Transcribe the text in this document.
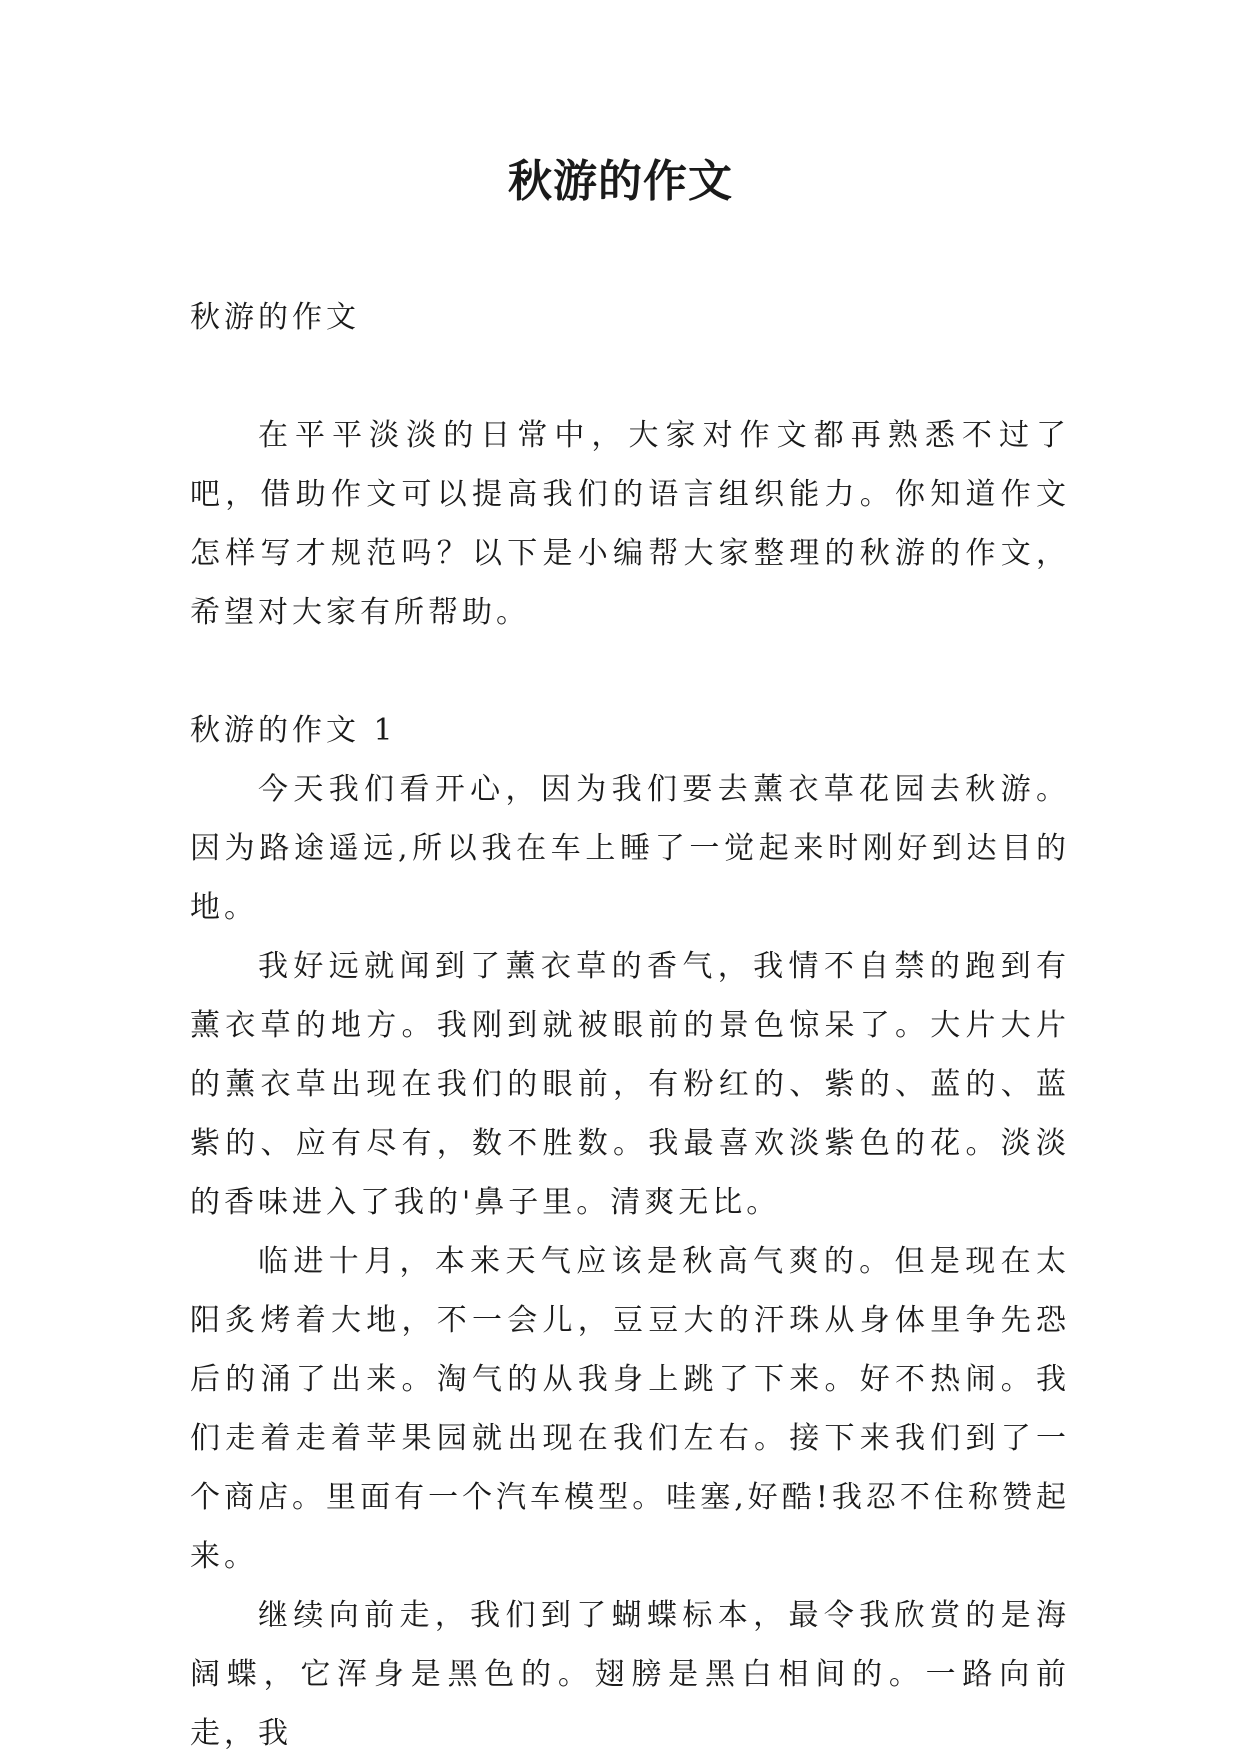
秋游的作文

秋游的作文

在平平淡淡的日常中，大家对作文都再熟悉不过了吧，借助作文可以提高我们的语言组织能力。你知道作文怎样写才规范吗？以下是小编帮大家整理的秋游的作文，希望对大家有所帮助。

秋游的作文 1

今天我们看开心，因为我们要去薰衣草花园去秋游。因为路途遥远,所以我在车上睡了一觉起来时刚好到达目的地。

我好远就闻到了薰衣草的香气，我情不自禁的跑到有薰衣草的地方。我刚到就被眼前的景色惊呆了。大片大片的薰衣草出现在我们的眼前，有粉红的、紫的、蓝的、蓝紫的、应有尽有，数不胜数。我最喜欢淡紫色的花。淡淡的香味进入了我的'鼻子里。清爽无比。

临进十月，本来天气应该是秋高气爽的。但是现在太阳炙烤着大地，不一会儿，豆豆大的汗珠从身体里争先恐后的涌了出来。淘气的从我身上跳了下来。好不热闹。我们走着走着苹果园就出现在我们左右。接下来我们到了一个商店。里面有一个汽车模型。哇塞,好酷!我忍不住称赞起来。

继续向前走，我们到了蝴蝶标本，最令我欣赏的是海阔蝶，它浑身是黑色的。翅膀是黑白相间的。一路向前走，我
